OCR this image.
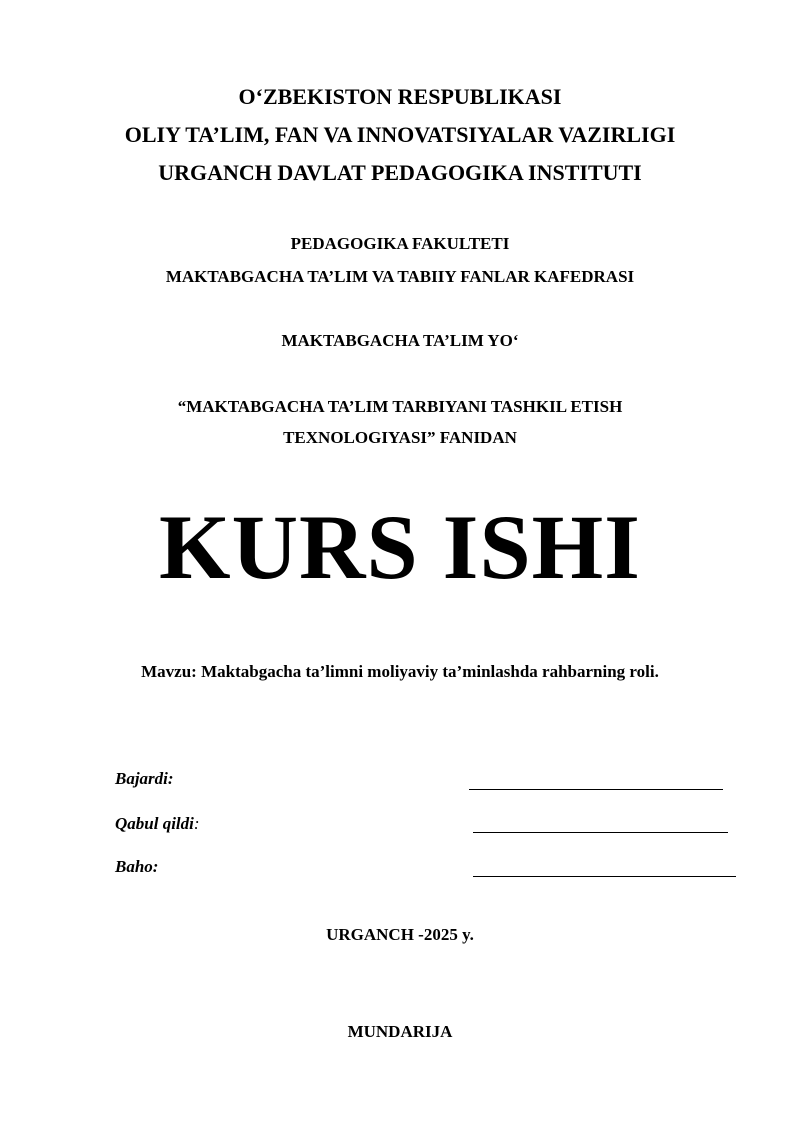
O‘ZBEKISTON RESPUBLIKASI
OLIY TA’LIM, FAN VA INNOVATSIYALAR VAZIRLIGI
URGANCH DAVLAT PEDAGOGIKA INSTITUTI
PEDAGOGIKA FAKULTETI
MAKTABGACHA TA’LIM VA TABIIY FANLAR KAFEDRASI
MAKTABGACHA TA’LIM YO‘
“MAKTABGACHA TA’LIM TARBIYANI TASHKIL ETISH
TEXNOLOGIYASI” FANIDAN
KURS ISHI
Mavzu: Maktabgacha ta’limni moliyaviy ta’minlashda rahbarning roli.
Bajardi:
Qabul qildi:
Baho:
URGANCH -2025 y.
MUNDARIJA
